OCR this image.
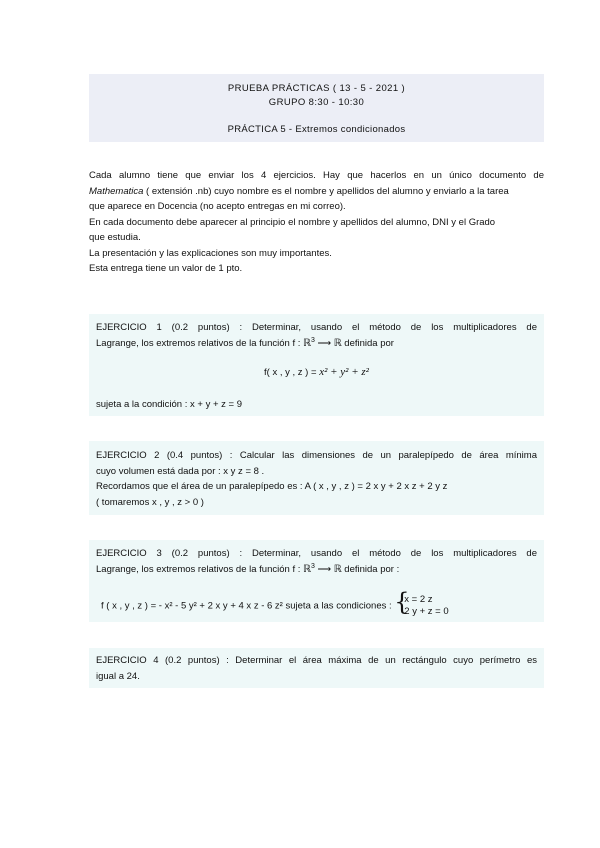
PRUEBA PRÁCTICAS ( 13 - 5 - 2021 )
GRUPO 8:30 - 10:30
PRÁCTICA 5 - Extremos condicionados

Cada alumno tiene que enviar los 4 ejercicios. Hay que hacerlos en un único documento de

Mathematica ( extensión .nb) cuyo nombre es el nombre y apellidos del alumno y enviarlo a la tarea

que aparece en Docencia (no acepto entregas en mi correo).

En cada documento debe aparecer al principio el nombre y apellidos del alumno, DNI y el Grado

que estudia.

La presentación y las explicaciones son muy importantes.

Esta entrega tiene un valor de 1 pto.

EJERCICIO 1 (0.2 puntos) : Determinar, usando el método de los multiplicadores de
Lagrange, los extremos relativos de la función f : ℝ$^3$ ⟶ ℝ definida por
f( x , y , z ) = x² + y² + z²
sujeta a la condición : x + y + z = 9
EJERCICIO 2 (0.4 puntos) : Calcular las dimensiones de un paralepípedo de área mínima
cuyo volumen está dada por : x y z = 8 .
Recordamos que el área de un paralepípedo es : A ( x , y , z ) = 2 x y + 2 x z + 2 y z
( tomaremos x , y , z > 0 )
EJERCICIO 3 (0.2 puntos) : Determinar, usando el método de los multiplicadores de
Lagrange, los extremos relativos de la función f : ℝ$^3$ ⟶ ℝ definida por :
f ( x , y , z ) = - x² - 5 y² + 2 x y + 4 x z - 6 z² sujeta a las condiciones : {
x = 2 z
2 y + z = 0
EJERCICIO 4 (0.2 puntos) : Determinar el área máxima de un rectángulo cuyo perímetro es
igual a 24.
